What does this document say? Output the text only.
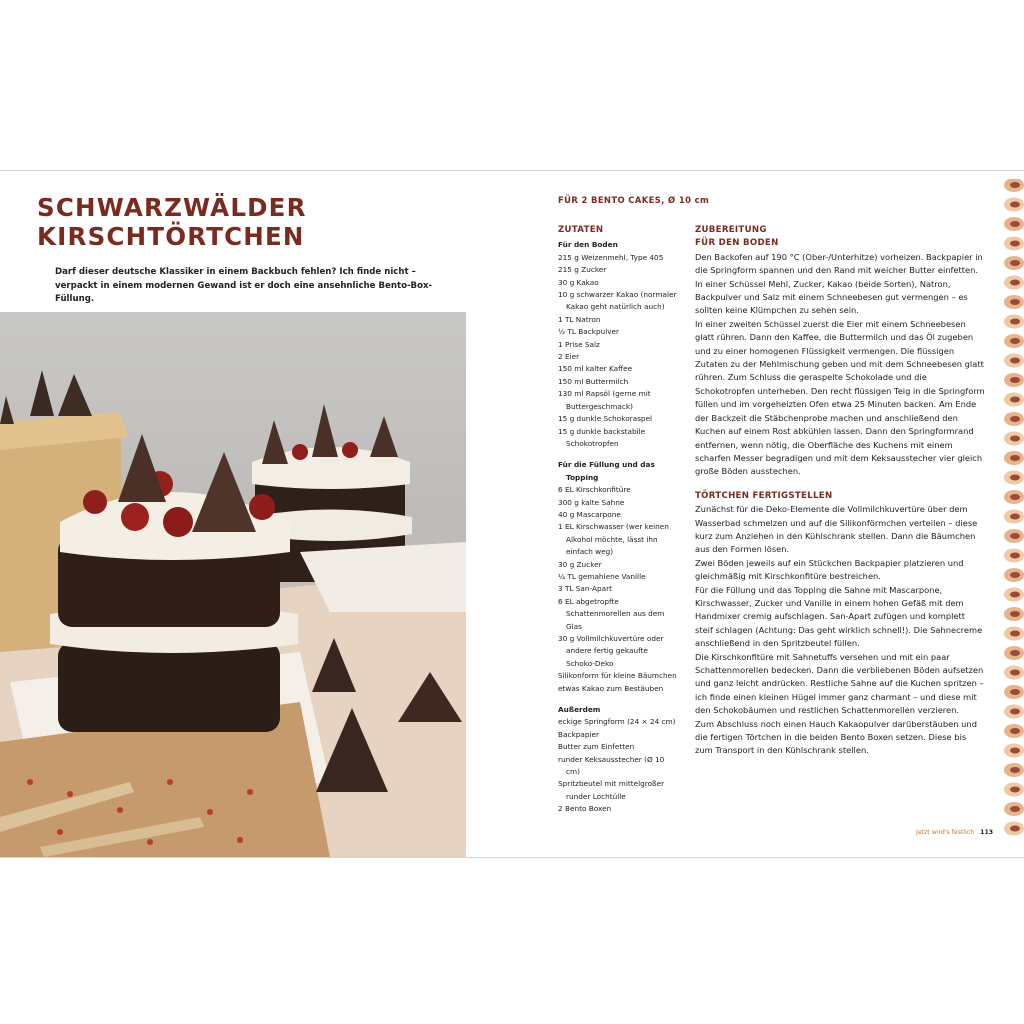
SCHWARZWÄLDER
KIRSCHTÖRTCHEN

Darf dieser deutsche Klassiker in einem Backbuch fehlen? Ich finde nicht – verpackt in einem modernen Gewand ist er doch eine ansehnliche Bento-Box-Füllung.

FÜR 2 BENTO CAKES, Ø 10 cm

ZUTATEN

Für den Boden

215 g Weizenmehl, Type 405

215 g Zucker

30 g Kakao

10 g schwarzer Kakao (normaler Kakao geht natürlich auch)

1 TL Natron

½ TL Backpulver

1 Prise Salz

2 Eier

150 ml kalter Kaffee

150 ml Buttermilch

130 ml Rapsöl (gerne mit Buttergeschmack)

15 g dunkle Schokoraspel

15 g dunkle backstabile Schokotropfen

Für die Füllung und das Topping

6 EL Kirschkonfitüre

300 g kalte Sahne

40 g Mascarpone

1 EL Kirschwasser (wer keinen Alkohol möchte, lässt ihn einfach weg)

30 g Zucker

¼ TL gemahlene Vanille

3 TL San-Apart

6 EL abgetropfte Schattenmorellen aus dem Glas

30 g Vollmilchkuvertüre oder andere fertig gekaufte Schoko-Deko

Silikonform für kleine Bäumchen

etwas Kakao zum Bestäuben

Außerdem

eckige Springform (24 × 24 cm)

Backpapier

Butter zum Einfetten

runder Keksausstecher (Ø 10 cm)

Spritzbeutel mit mittelgroßer runder Lochtülle

2 Bento Boxen

ZUBEREITUNG

FÜR DEN BODEN

Den Backofen auf 190 °C (Ober-/Unterhitze) vorheizen. Backpapier in die Springform spannen und den Rand mit weicher Butter einfetten. In einer Schüssel Mehl, Zucker, Kakao (beide Sorten), Natron, Backpulver und Salz mit einem Schneebesen gut vermengen – es sollten keine Klümpchen zu sehen sein.

In einer zweiten Schüssel zuerst die Eier mit einem Schneebesen glatt rühren. Dann den Kaffee, die Buttermilch und das Öl zugeben und zu einer homogenen Flüssigkeit vermengen. Die flüssigen Zutaten zu der Mehlmischung geben und mit dem Schneebesen glatt rühren. Zum Schluss die geraspelte Schokolade und die Schokotropfen unterheben. Den recht flüssigen Teig in die Springform füllen und im vorgeheizten Ofen etwa 25 Minuten backen. Am Ende der Backzeit die Stäbchenprobe machen und anschließend den Kuchen auf einem Rost abkühlen lassen. Dann den Springformrand entfernen, wenn nötig, die Oberfläche des Kuchens mit einem scharfen Messer begradigen und mit dem Keksausstecher vier gleich große Böden ausstechen.

TÖRTCHEN FERTIGSTELLEN

Zunächst für die Deko-Elemente die Vollmilchkuvertüre über dem Wasserbad schmelzen und auf die Silikonförmchen verteilen – diese kurz zum Anziehen in den Kühlschrank stellen. Dann die Bäumchen aus den Formen lösen.

Zwei Böden jeweils auf ein Stückchen Backpapier platzieren und gleichmäßig mit Kirschkonfitüre bestreichen.

Für die Füllung und das Topping die Sahne mit Mascarpone, Kirschwasser, Zucker und Vanille in einem hohen Gefäß mit dem Handmixer cremig aufschlagen. San-Apart zufügen und komplett steif schlagen (Achtung: Das geht wirklich schnell!). Die Sahnecreme anschließend in den Spritzbeutel füllen.

Die Kirschkonfitüre mit Sahnetuffs versehen und mit ein paar Schattenmorellen bedecken. Dann die verbliebenen Böden aufsetzen und ganz leicht andrücken. Restliche Sahne auf die Kuchen spritzen – ich finde einen kleinen Hügel immer ganz charmant – und diese mit den Schokobäumen und restlichen Schattenmorellen verzieren.

Zum Abschluss noch einen Hauch Kakaopulver darüberstäuben und die fertigen Törtchen in die beiden Bento Boxen setzen. Diese bis zum Transport in den Kühlschrank stellen.

Jetzt wird's festlich 113
